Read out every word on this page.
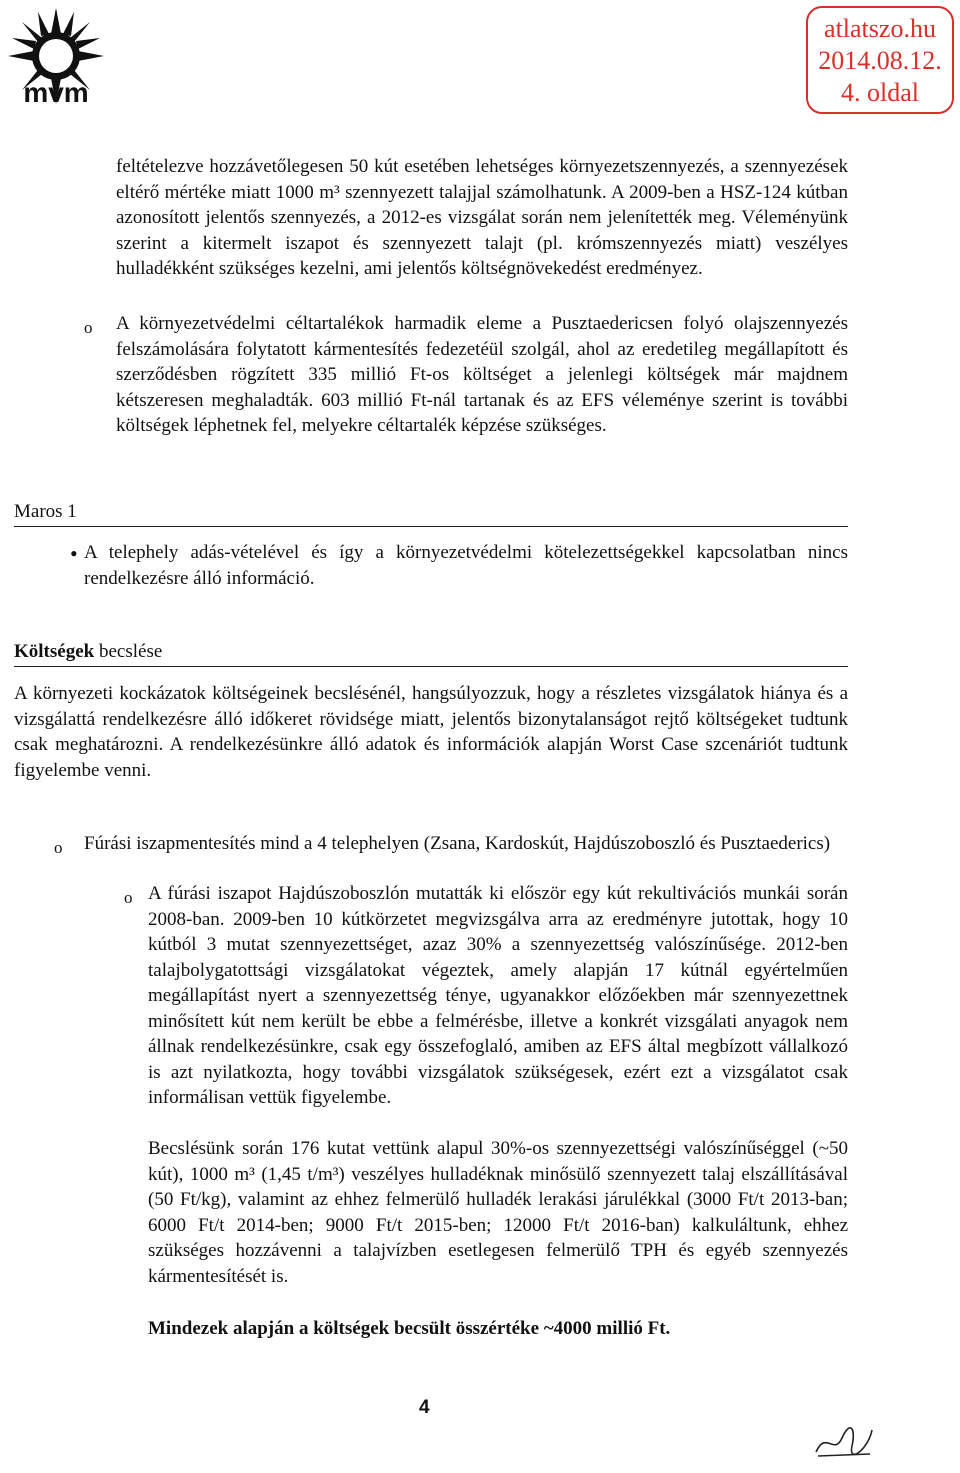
mvm
atlatszo.hu
2014.08.12.
4. oldal

feltételezve hozzávetőlegesen 50 kút esetében lehetséges környezetszennyezés, a szennyezések eltérő mértéke miatt 1000 m³ szennyezett talajjal számolhatunk. A 2009-ben a HSZ-124 kútban azonosított jelentős szennyezés, a 2012-es vizsgálat során nem jelenítették meg. Véleményünk szerint a kitermelt iszapot és szennyezett talajt (pl. krómszennyezés miatt) veszélyes hulladékként szükséges kezelni, ami jelentős költségnövekedést eredményez.

o A környezetvédelmi céltartalékok harmadik eleme a Pusztaedericsen folyó olajszennyezés felszámolására folytatott kármentesítés fedezetéül szolgál, ahol az eredetileg megállapított és szerződésben rögzített 335 millió Ft-os költséget a jelenlegi költségek már majdnem kétszeresen meghaladták. 603 millió Ft-nál tartanak és az EFS véleménye szerint is további költségek léphetnek fel, melyekre céltartalék képzése szükséges.

Maros 1
• A telephely adás-vételével és így a környezetvédelmi kötelezettségekkel kapcsolatban nincs rendelkezésre álló információ.

Költségek becslése

A környezeti kockázatok költségeinek becslésénél, hangsúlyozzuk, hogy a részletes vizsgálatok hiánya és a vizsgálattá rendelkezésre álló időkeret rövidsége miatt, jelentős bizonytalanságot rejtő költségeket tudtunk csak meghatározni. A rendelkezésünkre álló adatok és információk alapján Worst Case szcenáriót tudtunk figyelembe venni.

o Fúrási iszapmentesítés mind a 4 telephelyen (Zsana, Kardoskút, Hajdúszoboszló és Pusztaederics)

o A fúrási iszapot Hajdúszoboszlón mutatták ki először egy kút rekultivációs munkái során 2008-ban. 2009-ben 10 kútkörzetet megvizsgálva arra az eredményre jutottak, hogy 10 kútból 3 mutat szennyezettséget, azaz 30% a szennyezettség valószínűsége. 2012-ben talajbolygatottsági vizsgálatokat végeztek, amely alapján 17 kútnál egyértelműen megállapítást nyert a szennyezettség ténye, ugyanakkor előzőekben már szennyezettnek minősített kút nem került be ebbe a felmérésbe, illetve a konkrét vizsgálati anyagok nem állnak rendelkezésünkre, csak egy összefoglaló, amiben az EFS által megbízott vállalkozó is azt nyilatkozta, hogy további vizsgálatok szükségesek, ezért ezt a vizsgálatot csak informálisan vettük figyelembe.

Becslésünk során 176 kutat vettünk alapul 30%-os szennyezettségi valószínűséggel (~50 kút), 1000 m³ (1,45 t/m³) veszélyes hulladéknak minősülő szennyezett talaj elszállításával (50 Ft/kg), valamint az ehhez felmerülő hulladék lerakási járulékkal (3000 Ft/t 2013-ban; 6000 Ft/t 2014-ben; 9000 Ft/t 2015-ben; 12000 Ft/t 2016-ban) kalkuláltunk, ehhez szükséges hozzávenni a talajvízben esetlegesen felmerülő TPH és egyéb szennyezés kármentesítését is.

Mindezek alapján a költségek becsült összértéke ~4000 millió Ft.

4
